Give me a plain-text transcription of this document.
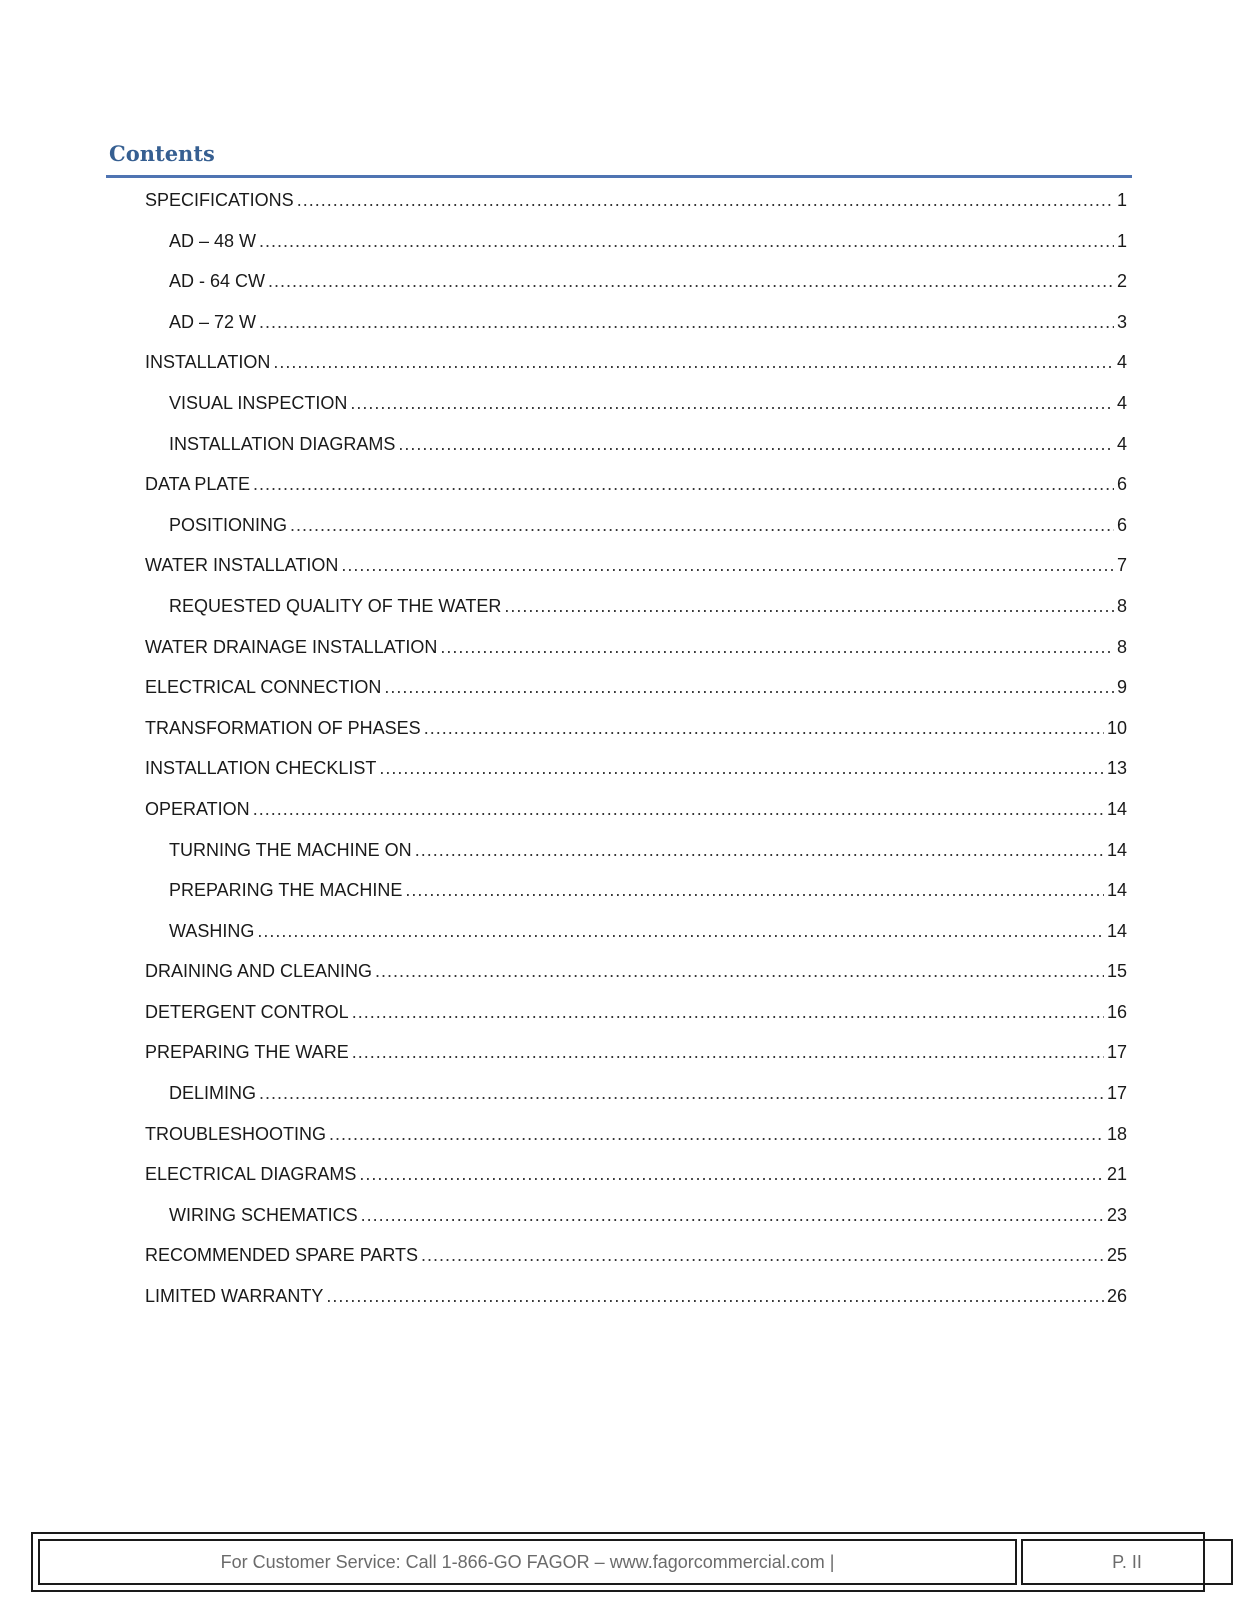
Contents
SPECIFICATIONS .....	1
AD – 48 W .....	1
AD - 64 CW .....	2
AD – 72 W .....	3
INSTALLATION .....	4
VISUAL INSPECTION .....	4
INSTALLATION DIAGRAMS .....	4
DATA PLATE .....	6
POSITIONING .....	6
WATER INSTALLATION .....	7
REQUESTED QUALITY OF THE WATER .....	8
WATER DRAINAGE INSTALLATION .....	8
ELECTRICAL CONNECTION .....	9
TRANSFORMATION OF PHASES .....	10
INSTALLATION CHECKLIST .....	13
OPERATION .....	14
TURNING THE MACHINE ON .....	14
PREPARING THE MACHINE .....	14
WASHING .....	14
DRAINING AND CLEANING .....	15
DETERGENT CONTROL .....	16
PREPARING THE WARE .....	17
DELIMING .....	17
TROUBLESHOOTING .....	18
ELECTRICAL DIAGRAMS .....	21
WIRING SCHEMATICS .....	23
RECOMMENDED SPARE PARTS .....	25
LIMITED WARRANTY .....	26
For Customer Service: Call 1-866-GO FAGOR – www.fagorcommercial.com |	P. II
